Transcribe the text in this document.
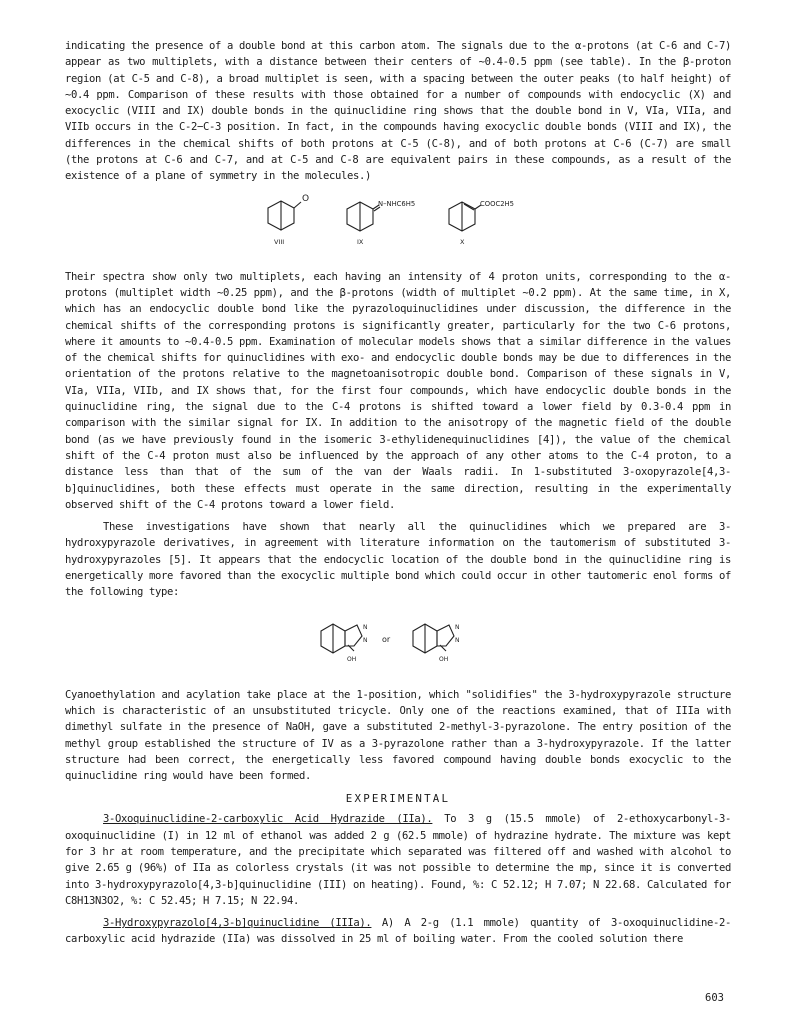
indicating the presence of a double bond at this carbon atom. The signals due to the α-protons (at C-6 and C-7) appear as two multiplets, with a distance between their centers of ~0.4-0.5 ppm (see table). In the β-proton region (at C-5 and C-8), a broad multiplet is seen, with a spacing between the outer peaks (to half height) of ~0.4 ppm. Comparison of these results with those obtained for a number of compounds with endocyclic (X) and exocyclic (VIII and IX) double bonds in the quinuclidine ring shows that the double bond in V, VIa, VIIa, and VIIb occurs in the C-2−C-3 position. In fact, in the compounds having exocyclic double bonds (VIII and IX), the differences in the chemical shifts of both protons at C-5 (C-8), and of both protons at C-6 (C-7) are small (the protons at C-6 and C-7, and at C-5 and C-8 are equivalent pairs in these compounds, as a result of the existence of a plane of symmetry in the molecules.)

O
VIII
N–NHC6H5
IX
COOC2H5
X

Their spectra show only two multiplets, each having an intensity of 4 proton units, corresponding to the α-protons (multiplet width ~0.25 ppm), and the β-protons (width of multiplet ~0.2 ppm). At the same time, in X, which has an endocyclic double bond like the pyrazoloquinuclidines under discussion, the difference in the chemical shifts of the corresponding protons is significantly greater, particularly for the two C-6 protons, where it amounts to ~0.4-0.5 ppm. Examination of molecular models shows that a similar difference in the values of the chemical shifts for quinuclidines with exo- and endocyclic double bonds may be due to differences in the orientation of the protons relative to the magnetoanisotropic double bond. Comparison of these signals in V, VIa, VIIa, VIIb, and IX shows that, for the first four compounds, which have endocyclic double bonds in the quinuclidine ring, the signal due to the C-4 protons is shifted toward a lower field by 0.3-0.4 ppm in comparison with the similar signal for IX. In addition to the anisotropy of the magnetic field of the double bond (as we have previously found in the isomeric 3-ethylidenequinuclidines [4]), the value of the chemical shift of the C-4 proton must also be influenced by the approach of any other atoms to the C-4 proton, to a distance less than that of the sum of the van der Waals radii. In 1-substituted 3-oxopyrazole[4,3-b]quinuclidines, both these effects must operate in the same direction, resulting in the experimentally observed shift of the C-4 protons toward a lower field.

These investigations have shown that nearly all the quinuclidines which we prepared are 3-hydroxypyrazole derivatives, in agreement with literature information on the tautomerism of substituted 3-hydroxypyrazoles [5]. It appears that the endocyclic location of the double bond in the quinuclidine ring is energetically more favored than the exocyclic multiple bond which could occur in other tautomeric enol forms of the following type:

N
N
OH
or
N
N
OH

Cyanoethylation and acylation take place at the 1-position, which "solidifies" the 3-hydroxypyrazole structure which is characteristic of an unsubstituted tricycle. Only one of the reactions examined, that of IIIa with dimethyl sulfate in the presence of NaOH, gave a substituted 2-methyl-3-pyrazolone. The entry position of the methyl group established the structure of IV as a 3-pyrazolone rather than a 3-hydroxypyrazole. If the latter structure had been correct, the energetically less favored compound having double bonds exocyclic to the quinuclidine ring would have been formed.

EXPERIMENTAL

3-Oxoquinuclidine-2-carboxylic Acid Hydrazide (IIa). To 3 g (15.5 mmole) of 2-ethoxycarbonyl-3-oxoquinuclidine (I) in 12 ml of ethanol was added 2 g (62.5 mmole) of hydrazine hydrate. The mixture was kept for 3 hr at room temperature, and the precipitate which separated was filtered off and washed with alcohol to give 2.65 g (96%) of IIa as colorless crystals (it was not possible to determine the mp, since it is converted into 3-hydroxypyrazolo[4,3-b]quinuclidine (III) on heating). Found, %: C 52.12; H 7.07; N 22.68. Calculated for C8H13N3O2, %: C 52.45; H 7.15; N 22.94.

3-Hydroxypyrazolo[4,3-b]quinuclidine (IIIa). A) A 2-g (1.1 mmole) quantity of 3-oxoquinuclidine-2-carboxylic acid hydrazide (IIa) was dissolved in 25 ml of boiling water. From the cooled solution there

603
